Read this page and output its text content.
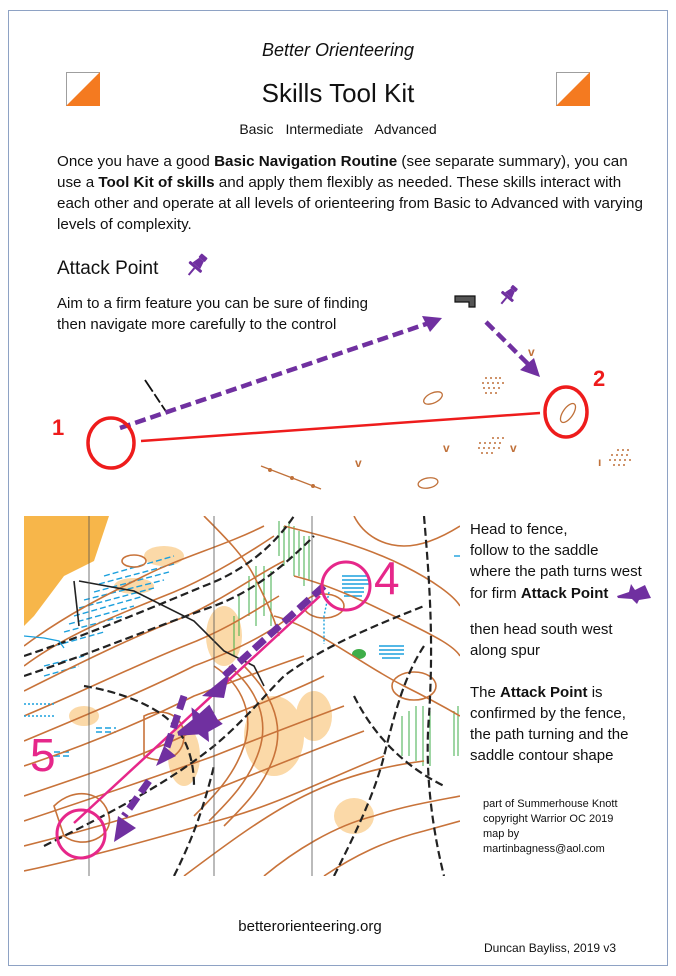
Better Orienteering
Skills Tool Kit
Basic Intermediate Advanced
Once you have a good Basic Navigation Routine (see separate summary), you can use a Tool Kit of skills and apply them flexibly as needed. These skills interact with each other and operate at all levels of orienteering from Basic to Advanced with varying levels of complexity.
Attack Point
Aim to a firm feature you can be sure of finding
then navigate more carefully to the control
v
v
v
v
ı
1
2
4
5
Head to fence,
follow to the saddle
where the path turns west
for firm Attack Point
then head south west
along spur
The Attack Point is
confirmed by the fence,
the path turning and the
saddle contour shape
part of Summerhouse Knott
copyright Warrior OC 2019
map by
martinbagness@aol.com
betterorienteering.org
Duncan Bayliss, 2019 v3
